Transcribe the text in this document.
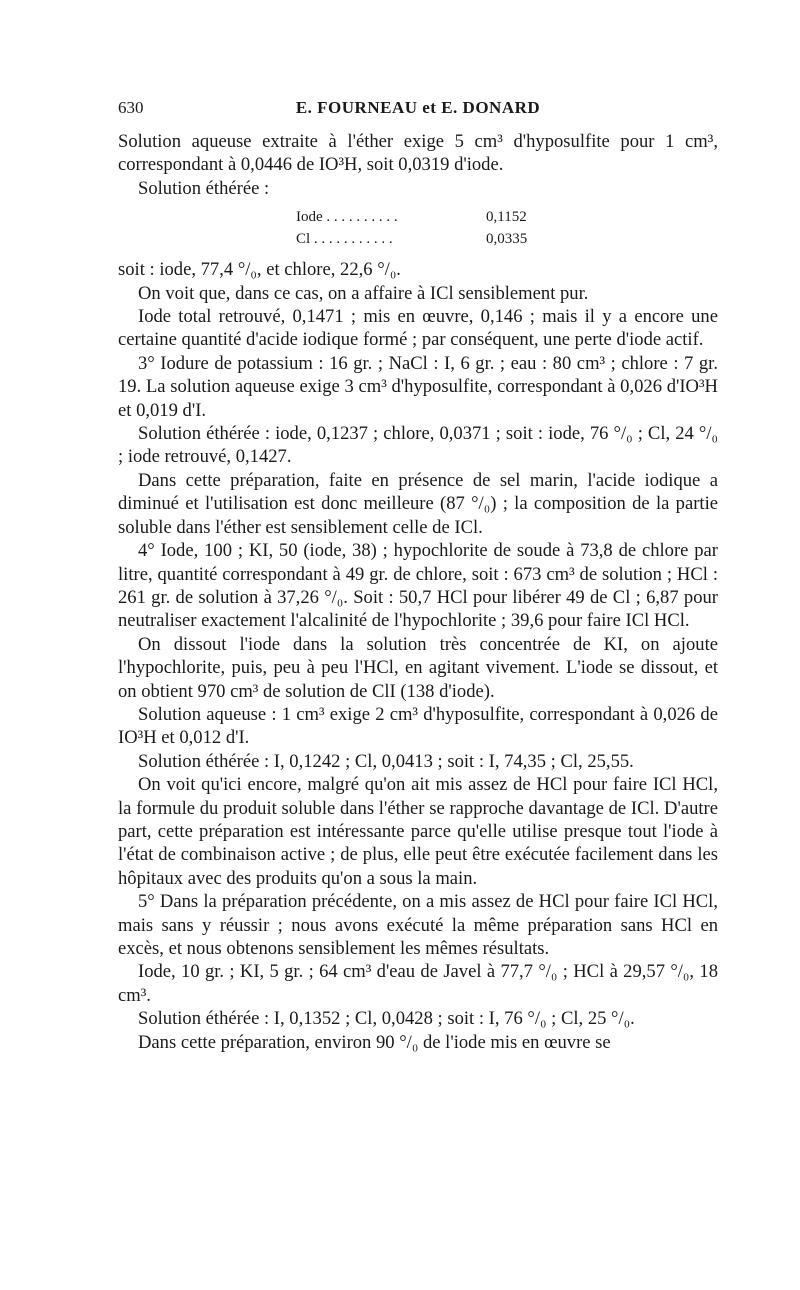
630	E. FOURNEAU et E. DONARD

Solution aqueuse extraite à l'éther exige 5 cm³ d'hyposulfite pour 1 cm³, correspondant à 0,0446 de IO³H, soit 0,0319 d'iode.

Solution éthérée :

Iode . . . . . . . . . .	0,1152
Cl . . . . . . . . . . .	0,0335

soit : iode, 77,4 °/₀, et chlore, 22,6 °/₀.

On voit que, dans ce cas, on a affaire à ICl sensiblement pur.

Iode total retrouvé, 0,1471 ; mis en œuvre, 0,146 ; mais il y a encore une certaine quantité d'acide iodique formé ; par conséquent, une perte d'iode actif.

3° Iodure de potassium : 16 gr. ; NaCl : I, 6 gr. ; eau : 80 cm³ ; chlore : 7 gr. 19. La solution aqueuse exige 3 cm³ d'hyposulfite, correspondant à 0,026 d'IO³H et 0,019 d'I.

Solution éthérée : iode, 0,1237 ; chlore, 0,0371 ; soit : iode, 76 °/₀ ; Cl, 24 °/₀ ; iode retrouvé, 0,1427.

Dans cette préparation, faite en présence de sel marin, l'acide iodique a diminué et l'utilisation est donc meilleure (87 °/₀) ; la composition de la partie soluble dans l'éther est sensiblement celle de ICl.

4° Iode, 100 ; KI, 50 (iode, 38) ; hypochlorite de soude à 73,8 de chlore par litre, quantité correspondant à 49 gr. de chlore, soit : 673 cm³ de solution ; HCl : 261 gr. de solution à 37,26 °/₀. Soit : 50,7 HCl pour libérer 49 de Cl ; 6,87 pour neutraliser exactement l'alcalinité de l'hypochlorite ; 39,6 pour faire ICl HCl.

On dissout l'iode dans la solution très concentrée de KI, on ajoute l'hypochlorite, puis, peu à peu l'HCl, en agitant vivement. L'iode se dissout, et on obtient 970 cm³ de solution de ClI (138 d'iode).

Solution aqueuse : 1 cm³ exige 2 cm³ d'hyposulfite, correspondant à 0,026 de IO³H et 0,012 d'I.

Solution éthérée : I, 0,1242 ; Cl, 0,0413 ; soit : I, 74,35 ; Cl, 25,55.

On voit qu'ici encore, malgré qu'on ait mis assez de HCl pour faire ICl HCl, la formule du produit soluble dans l'éther se rapproche davantage de ICl. D'autre part, cette préparation est intéressante parce qu'elle utilise presque tout l'iode à l'état de combinaison active ; de plus, elle peut être exécutée facilement dans les hôpitaux avec des produits qu'on a sous la main.

5° Dans la préparation précédente, on a mis assez de HCl pour faire ICl HCl, mais sans y réussir ; nous avons exécuté la même préparation sans HCl en excès, et nous obtenons sensiblement les mêmes résultats.

Iode, 10 gr. ; KI, 5 gr. ; 64 cm³ d'eau de Javel à 77,7 °/₀ ; HCl à 29,57 °/₀, 18 cm³.

Solution éthérée : I, 0,1352 ; Cl, 0,0428 ; soit : I, 76 °/₀ ; Cl, 25 °/₀.

Dans cette préparation, environ 90 °/₀ de l'iode mis en œuvre se
